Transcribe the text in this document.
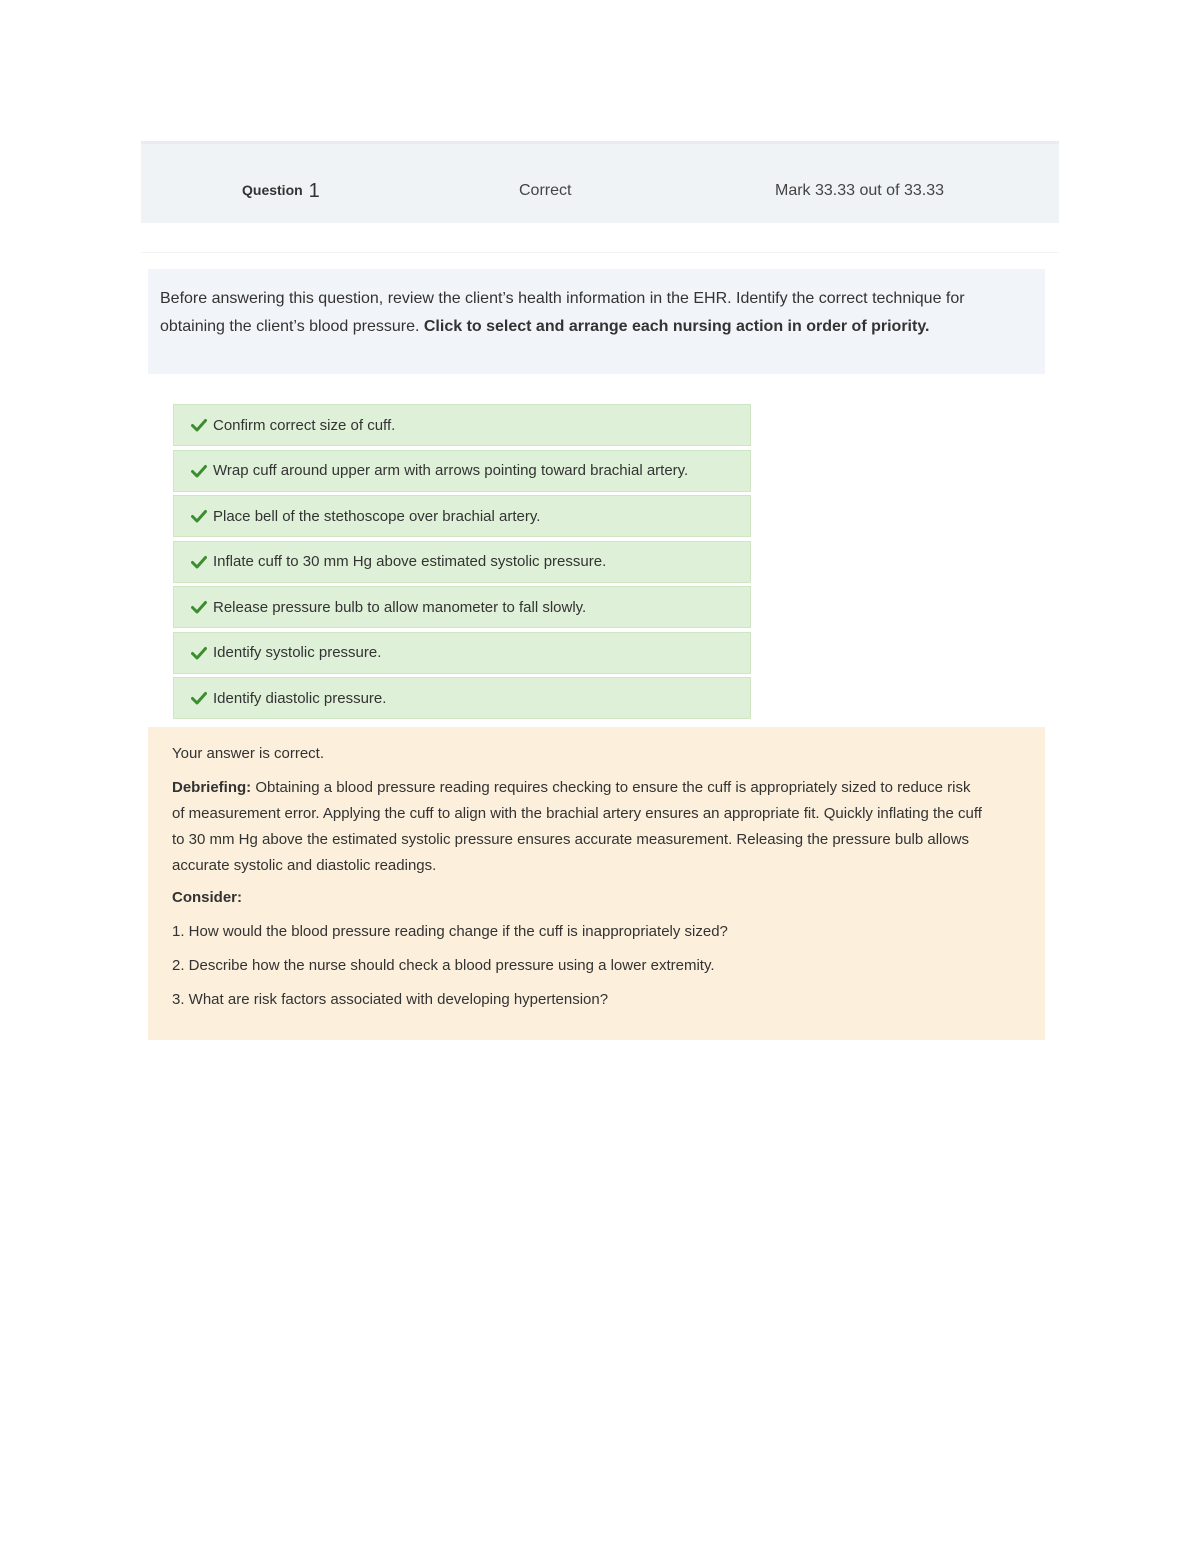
Question 1	Correct	Mark 33.33 out of 33.33
Before answering this question, review the client’s health information in the EHR. Identify the correct technique for obtaining the client’s blood pressure. Click to select and arrange each nursing action in order of priority.
Confirm correct size of cuff.
Wrap cuff around upper arm with arrows pointing toward brachial artery.
Place bell of the stethoscope over brachial artery.
Inflate cuff to 30 mm Hg above estimated systolic pressure.
Release pressure bulb to allow manometer to fall slowly.
Identify systolic pressure.
Identify diastolic pressure.
Your answer is correct.
Debriefing: Obtaining a blood pressure reading requires checking to ensure the cuff is appropriately sized to reduce risk of measurement error. Applying the cuff to align with the brachial artery ensures an appropriate fit. Quickly inflating the cuff to 30 mm Hg above the estimated systolic pressure ensures accurate measurement. Releasing the pressure bulb allows accurate systolic and diastolic readings.
Consider:
1. How would the blood pressure reading change if the cuff is inappropriately sized?
2. Describe how the nurse should check a blood pressure using a lower extremity.
3. What are risk factors associated with developing hypertension?
